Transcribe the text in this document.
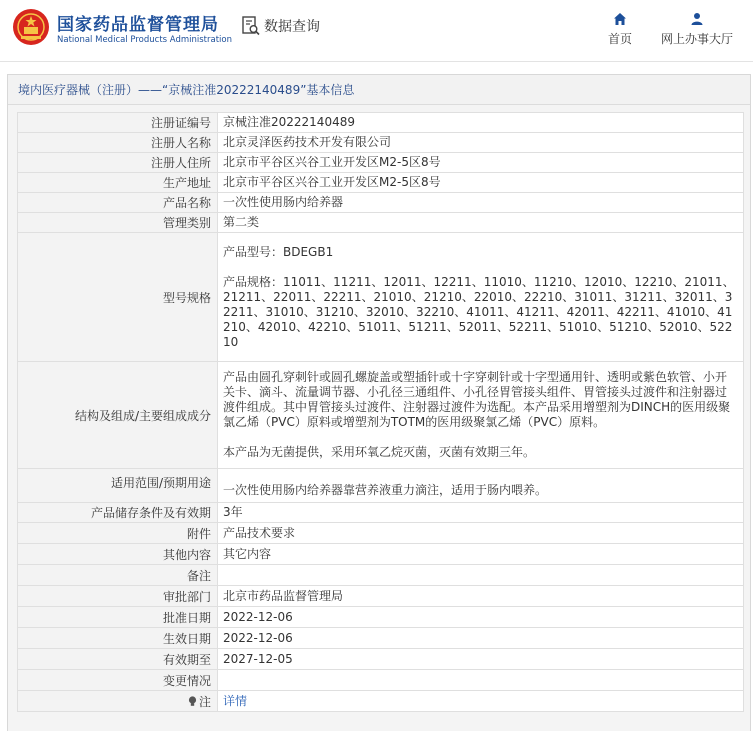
国家药品监督管理局
National Medical Products Administration
数据查询
首页	网上办事大厅
境内医疗器械（注册）——“京械注准20222140489”基本信息
注册证编号	京械注准20222140489
注册人名称	北京灵泽医药技术开发有限公司
注册人住所	北京市平谷区兴谷工业开发区M2-5区8号
生产地址	北京市平谷区兴谷工业开发区M2-5区8号
产品名称	一次性使用肠内给养器
管理类别	第二类
型号规格	产品型号：BDEGB1

产品规格：11011、11211、12011、12211、11010、11210、12010、12210、21011、21211、22011、22211、21010、21210、22010、22210、31011、31211、32011、32211、31010、31210、32010、32210、41011、41211、42011、42211、41010、41210、42010、42210、51011、51211、52011、52211、51010、51210、52010、52210

结构及组成/主要组成成分	产品由圆孔穿刺针或圆孔螺旋盖或塑插针或十字穿刺针或十字型通用针、透明或紫色软管、小开关卡、滴斗、流量调节器、小孔径三通组件、小孔径胃管接头组件、胃管接头过渡件和注射器过渡件组成。其中胃管接头过渡件、注射器过渡件为选配。本产品采用增塑剂为DINCH的医用级聚氯乙烯（PVC）原料或增塑剂为TOTM的医用级聚氯乙烯（PVC）原料。

本产品为无菌提供，采用环氧乙烷灭菌，灭菌有效期三年。

适用范围/预期用途	一次性使用肠内给养器靠营养液重力滴注，适用于肠内喂养。
产品储存条件及有效期	3年
附件	产品技术要求
其他内容	其它内容
备注	
审批部门	北京市药品监督管理局
批准日期	2022-12-06
生效日期	2022-12-06
有效期至	2027-12-05
变更情况	
注	详情
